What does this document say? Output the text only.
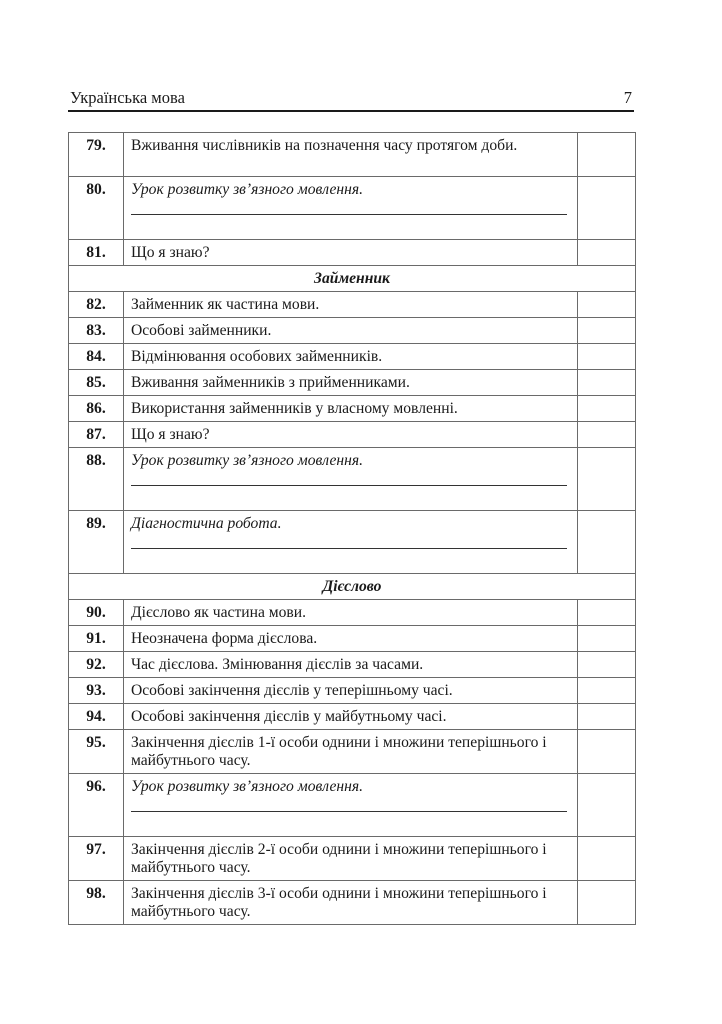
Українська мова	7
79.	Вживання числівників на позначення часу протягом доби.	
80.	Урок розвитку зв’язного мовлення.	

81.	Що я знаю?	
Займенник		
82.	Займенник як частина мови.	
83.	Особові займенники.	
84.	Відмінювання особових займенників.	
85.	Вживання займенників з прийменниками.	
86.	Використання займенників у власному мовленні.	
87.	Що я знаю?	
88.	Урок розвитку зв’язного мовлення.	

89.	Діагностична робота.	

Дієслово		
90.	Дієслово як частина мови.	
91.	Неозначена форма дієслова.	
92.	Час дієслова. Змінювання дієслів за часами.	
93.	Особові закінчення дієслів у теперішньому часі.	
94.	Особові закінчення дієслів у майбутньому часі.	
95.	Закінчення дієслів 1-ї особи однини і множини теперішнього і майбутнього часу.	
96.	Урок розвитку зв’язного мовлення.	

97.	Закінчення дієслів 2-ї особи однини і множини теперішнього і майбутнього часу.	
98.	Закінчення дієслів 3-ї особи однини і множини теперішнього і майбутнього часу.	
